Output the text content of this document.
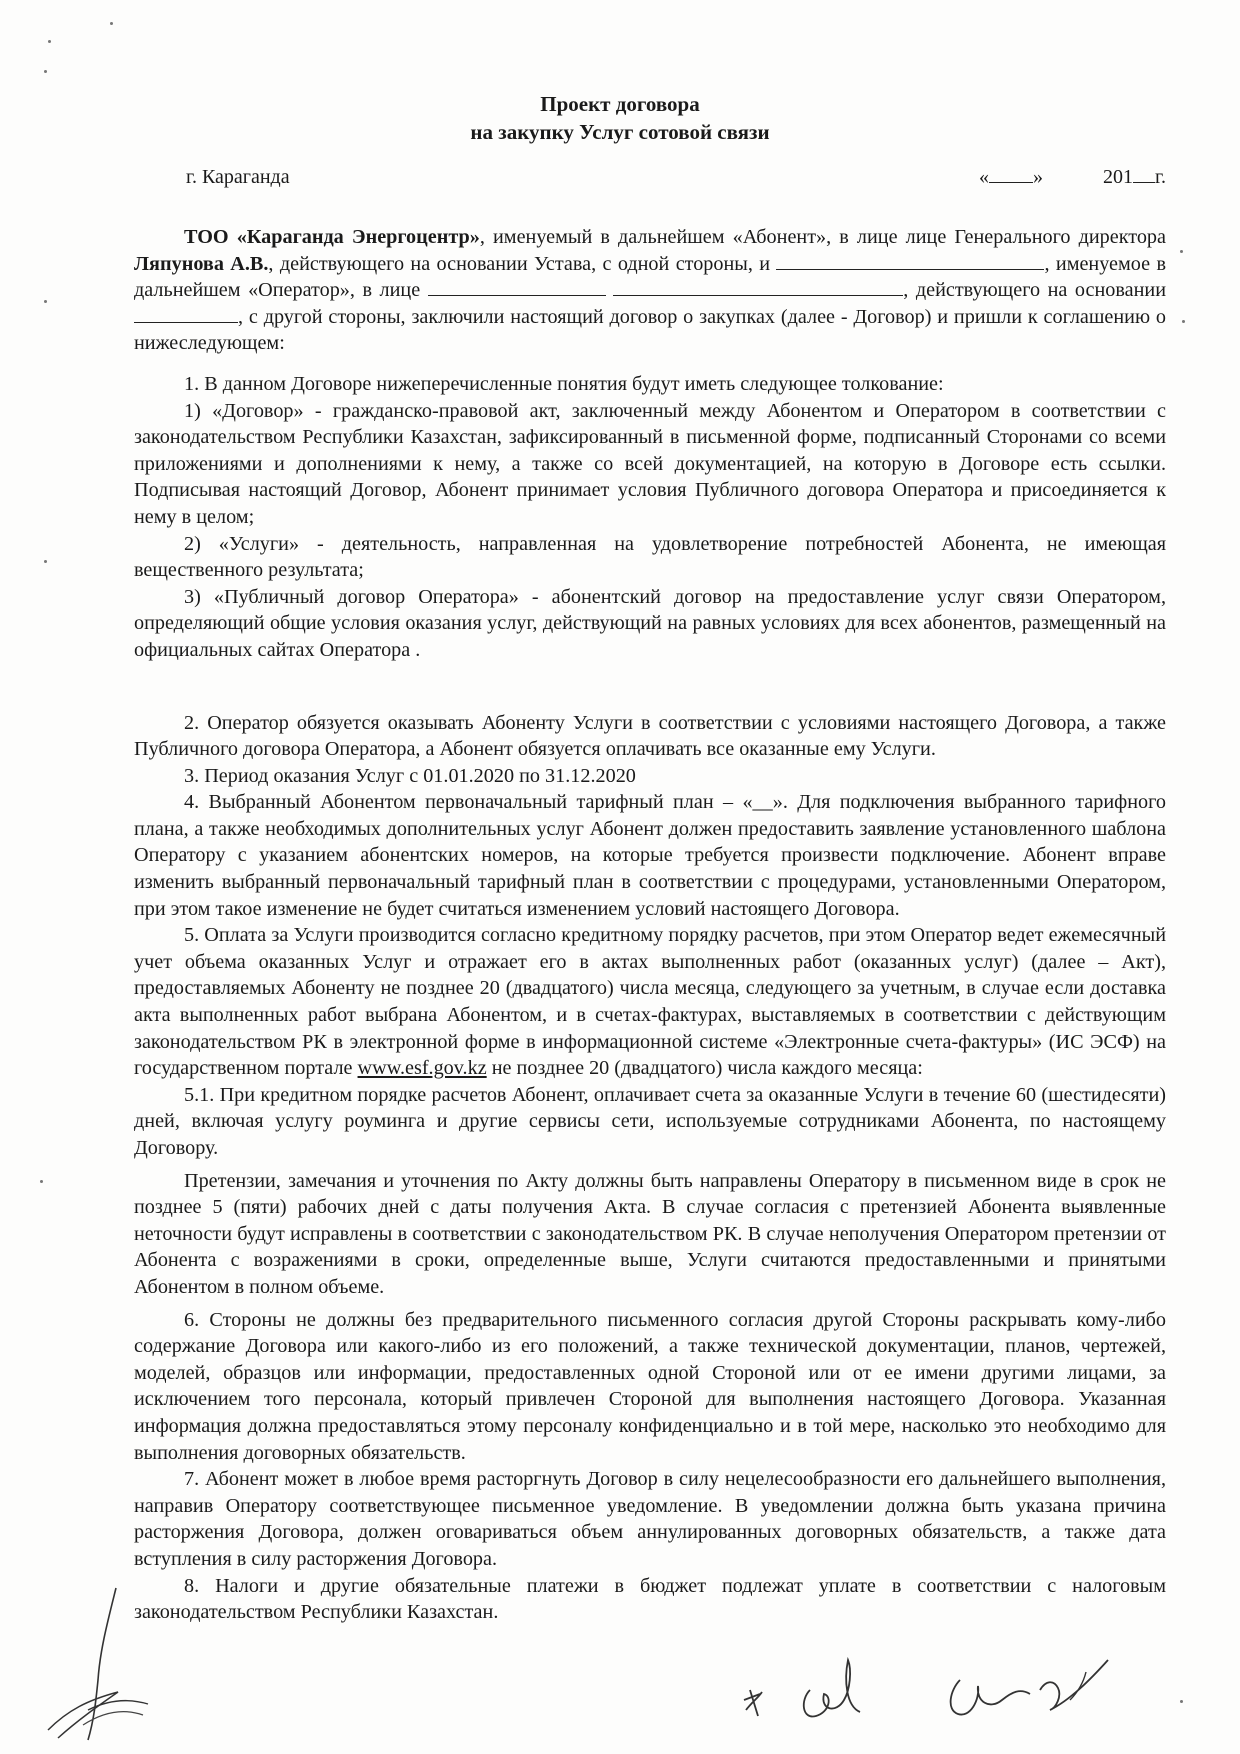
Проект договора
на закупку Услуг сотовой связи
г. Караганда	« »	201 г.

ТОО «Караганда Энергоцентр», именуемый в дальнейшем «Абонент», в лице лице Генерального директора Ляпунова А.В., действующего на основании Устава, с одной стороны, и	, именуемое в дальнейшем «Оператор», в лице	, действующего на основании, с другой стороны, заключили настоящий договор о закупках (далее - Договор) и пришли к соглашению о нижеследующем:

1. В данном Договоре нижеперечисленные понятия будут иметь следующее толкование:

1) «Договор» - гражданско-правовой акт, заключенный между Абонентом и Оператором в соответствии с законодательством Республики Казахстан, зафиксированный в письменной форме, подписанный Сторонами со всеми приложениями и дополнениями к нему, а также со всей документацией, на которую в Договоре есть ссылки. Подписывая настоящий Договор, Абонент принимает условия Публичного договора Оператора и присоединяется к нему в целом;

2) «Услуги» - деятельность, направленная на удовлетворение потребностей Абонента, не имеющая вещественного результата;

3) «Публичный договор Оператора» - абонентский договор на предоставление услуг связи Оператором, определяющий общие условия оказания услуг, действующий на равных условиях для всех абонентов, размещенный на официальных сайтах Оператора .

2. Оператор обязуется оказывать Абоненту Услуги в соответствии с условиями настоящего Договора, а также Публичного договора Оператора, а Абонент обязуется оплачивать все оказанные ему Услуги.

3. Период оказания Услуг с 01.01.2020 по 31.12.2020

4. Выбранный Абонентом первоначальный тарифный план – «__». Для подключения выбранного тарифного плана, а также необходимых дополнительных услуг Абонент должен предоставить заявление установленного шаблона Оператору с указанием абонентских номеров, на которые требуется произвести подключение. Абонент вправе изменить выбранный первоначальный тарифный план в соответствии с процедурами, установленными Оператором, при этом такое изменение не будет считаться изменением условий настоящего Договора.

5. Оплата за Услуги производится согласно кредитному порядку расчетов, при этом Оператор ведет ежемесячный учет объема оказанных Услуг и отражает его в актах выполненных работ (оказанных услуг) (далее – Акт), предоставляемых Абоненту не позднее 20 (двадцатого) числа месяца, следующего за учетным, в случае если доставка акта выполненных работ выбрана Абонентом, и в счетах-фактурах, выставляемых в соответствии с действующим законодательством РК в электронной форме в информационной системе «Электронные счета-фактуры» (ИС ЭСФ) на государственном портале www.esf.gov.kz не позднее 20 (двадцатого) числа каждого месяца:

5.1. При кредитном порядке расчетов Абонент, оплачивает счета за оказанные Услуги в течение 60 (шестидесяти) дней, включая услугу роуминга и другие сервисы сети, используемые сотрудниками Абонента, по настоящему Договору.

Претензии, замечания и уточнения по Акту должны быть направлены Оператору в письменном виде в срок не позднее 5 (пяти) рабочих дней с даты получения Акта. В случае согласия с претензией Абонента выявленные неточности будут исправлены в соответствии с законодательством РК. В случае неполучения Оператором претензии от Абонента с возражениями в сроки, определенные выше, Услуги считаются предоставленными и принятыми Абонентом в полном объеме.

6. Стороны не должны без предварительного письменного согласия другой Стороны раскрывать кому-либо содержание Договора или какого-либо из его положений, а также технической документации, планов, чертежей, моделей, образцов или информации, предоставленных одной Стороной или от ее имени другими лицами, за исключением того персонала, который привлечен Стороной для выполнения настоящего Договора. Указанная информация должна предоставляться этому персоналу конфиденциально и в той мере, насколько это необходимо для выполнения договорных обязательств.

7. Абонент может в любое время расторгнуть Договор в силу нецелесообразности его дальнейшего выполнения, направив Оператору соответствующее письменное уведомление. В уведомлении должна быть указана причина расторжения Договора, должен оговариваться объем аннулированных договорных обязательств, а также дата вступления в силу расторжения Договора.

8. Налоги и другие обязательные платежи в бюджет подлежат уплате в соответствии с налоговым законодательством Республики Казахстан.
